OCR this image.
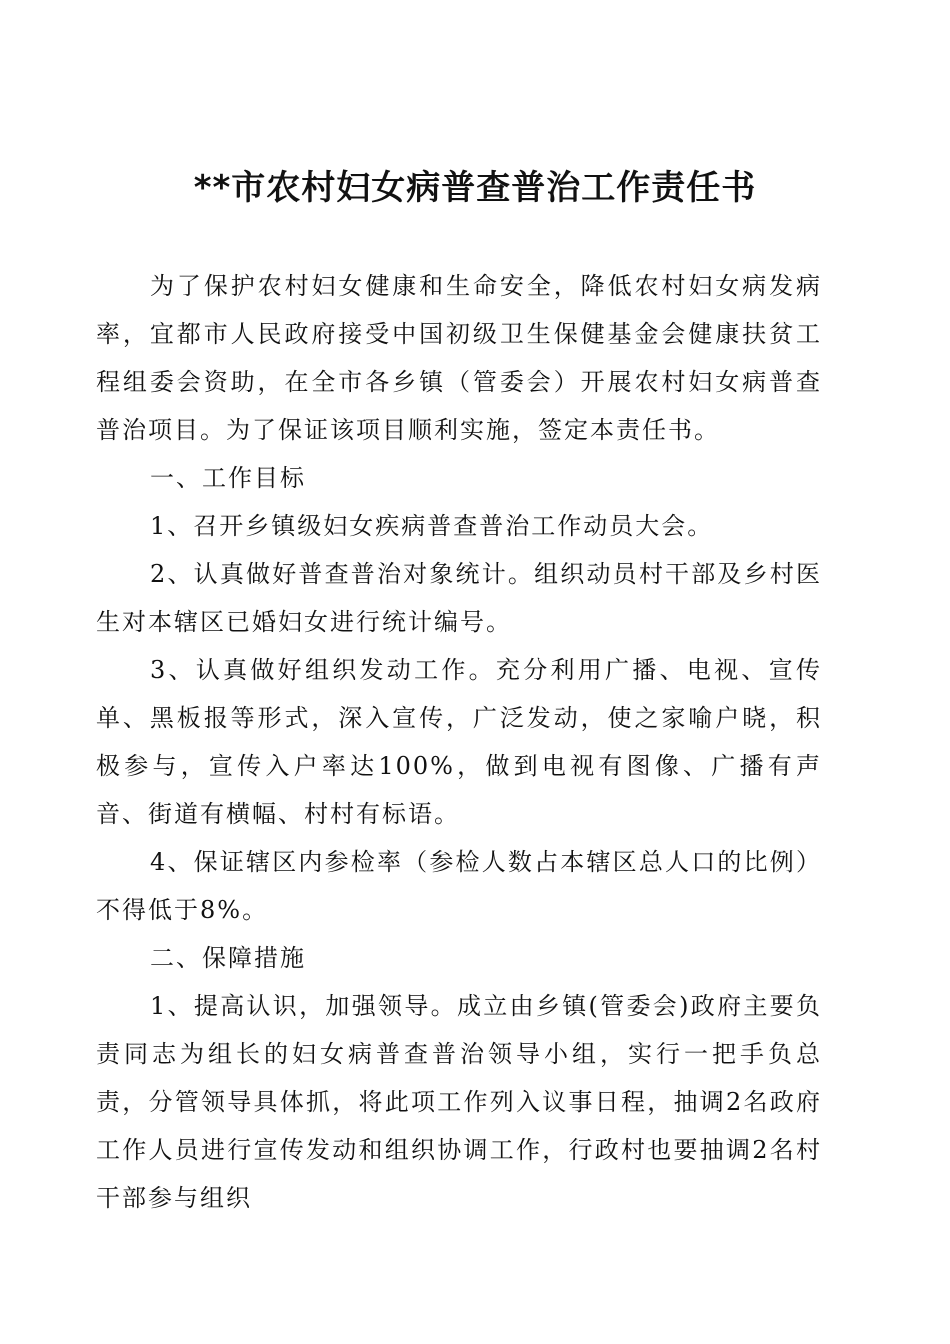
**市农村妇女病普查普治工作责任书

为了保护农村妇女健康和生命安全，降低农村妇女病发病率，宜都市人民政府接受中国初级卫生保健基金会健康扶贫工程组委会资助，在全市各乡镇（管委会）开展农村妇女病普查普治项目。为了保证该项目顺利实施，签定本责任书。

一、工作目标

1、召开乡镇级妇女疾病普查普治工作动员大会。

2、认真做好普查普治对象统计。组织动员村干部及乡村医生对本辖区已婚妇女进行统计编号。

3、认真做好组织发动工作。充分利用广播、电视、宣传单、黑板报等形式，深入宣传，广泛发动，使之家喻户晓，积极参与，宣传入户率达100%，做到电视有图像、广播有声音、街道有横幅、村村有标语。

4、保证辖区内参检率（参检人数占本辖区总人口的比例）不得低于8%。

二、保障措施

1、提高认识，加强领导。成立由乡镇(管委会)政府主要负责同志为组长的妇女病普查普治领导小组，实行一把手负总责，分管领导具体抓，将此项工作列入议事日程，抽调2名政府工作人员进行宣传发动和组织协调工作，行政村也要抽调2名村干部参与组织
